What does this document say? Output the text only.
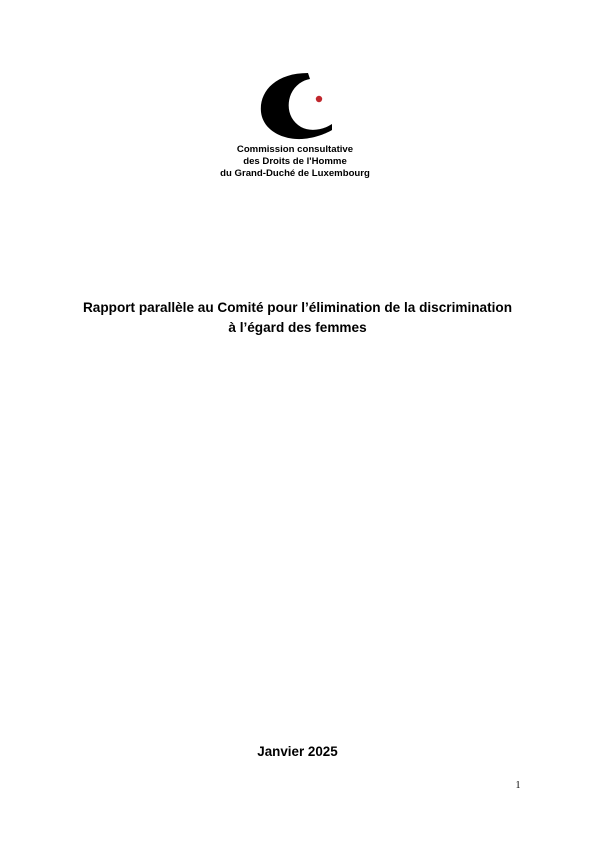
Commission consultative
des Droits de l'Homme
du Grand-Duché de Luxembourg
Rapport parallèle au Comité pour l’élimination de la discrimination
à l’égard des femmes
Janvier 2025
1
